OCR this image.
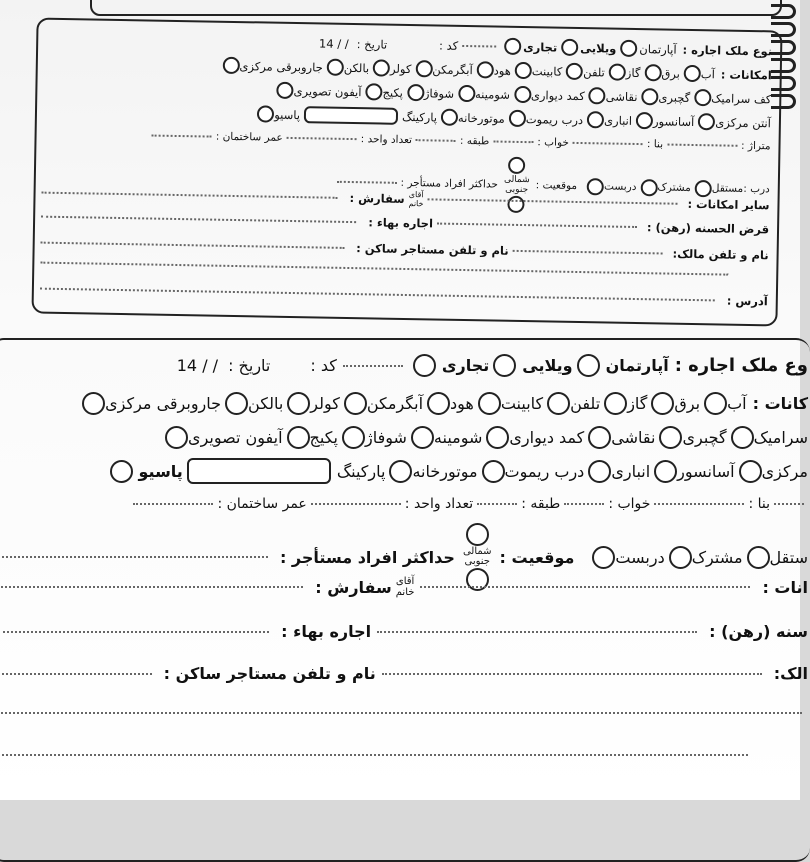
نوع ملک اجاره :
آپارتمان
ویلایی
تجاری
کد :
تاریخ :
14 / /
امکانات :
آب
برق
گاز
تلفن
کابینت
هود
آبگرمکن
کولر
بالکن
جاروبرقی مرکزی
کف سرامیک
گچبری
نقاشی
کمد دیواری
شومینه
شوفاژ
پکیج
آیفون تصویری
آنتن مرکزی
آسانسور
انباری
درب ریموت
موتورخانه
پارکینگ
پاسیو
متراژ :
بنا :
خواب :
طبقه :
تعداد واحد :
عمر ساختمان :
درب :
مستقل
مشترک
دربست
موقعیت :
شمالی
جنوبی
حداکثر افراد مستأجر :
سایر امکانات :
آقای
خانم
سفارش :
قرض الحسنه (رهن) :
اجاره بهاء :
نام و تلفن مالک:
نام و تلفن مستاجر ساکن :
آدرس :
وع ملک اجاره :
آپارتمان
ویلایی
تجاری
کد :
تاریخ :
14 / /
کانات :
آب
برق
گاز
تلفن
کابینت
هود
آبگرمکن
کولر
بالکن
جاروبرقی مرکزی
سرامیک
گچبری
نقاشی
کمد دیواری
شومینه
شوفاژ
پکیج
آیفون تصویری
مرکزی
آسانسور
انباری
درب ریموت
موتورخانه
پارکینگ
پاسیو
بنا :
خواب :
طبقه :
تعداد واحد :
عمر ساختمان :
ستقل
مشترک
دربست
موقعیت :
شمالی
جنوبی
حداکثر افراد مستأجر :
انات :
آقای
خانم
سفارش :
سنه (رهن) :
اجاره بهاء :
الک:
نام و تلفن مستاجر ساکن :
